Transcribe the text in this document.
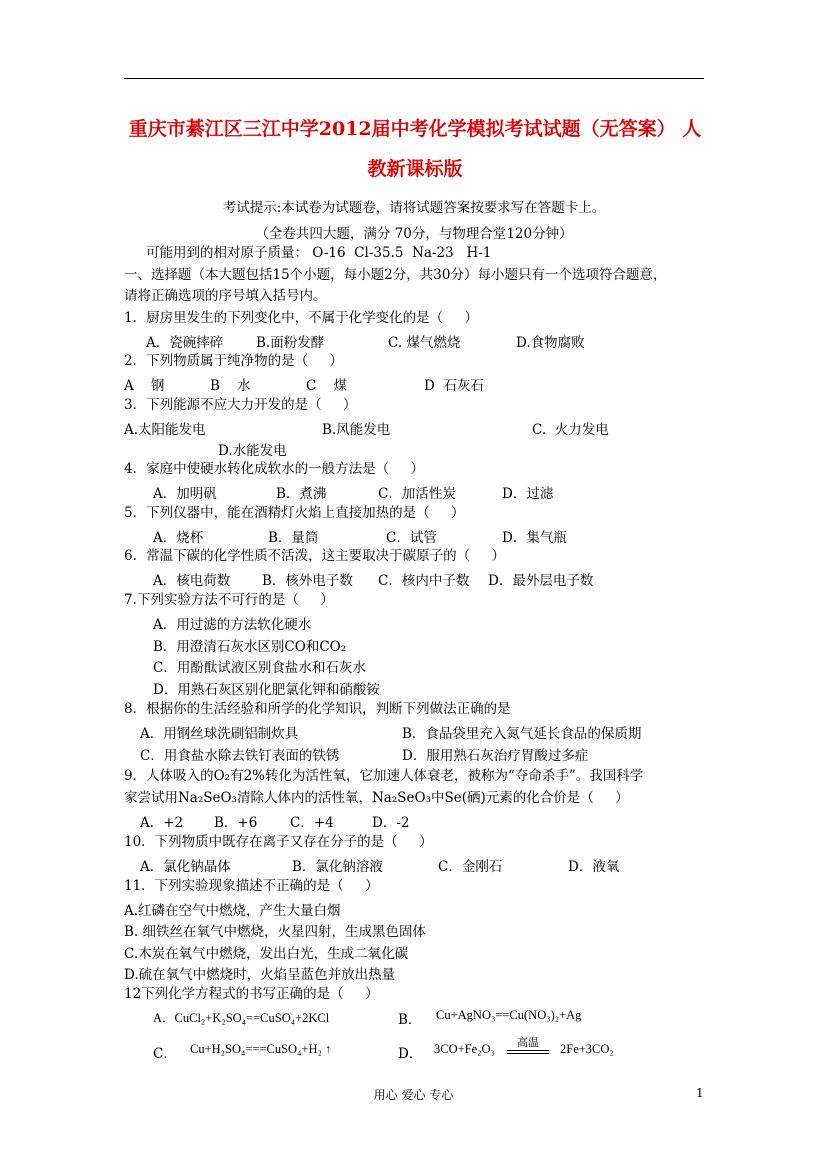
重庆市綦江区三江中学2012届中考化学模拟考试试题（无答案） 人
教新课标版
考试提示:本试卷为试题卷，请将试题答案按要求写在答题卡上。
（全卷共四大题，满分 70分，与物理合堂120分钟）
可能用到的相对原子质量： O-16  Cl-35.5  Na-23   H-1
一、选择题（本大题包括15个小题，每小题2分，共30分）每小题只有一个选项符合题意，
请将正确选项的序号填入括号内。
1．厨房里发生的下列变化中，不属于化学变化的是（     ）
A．瓷碗摔碎 B.面粉发酵	C. 煤气燃烧	D.食物腐败
2．下列物质属于纯净物的是（     ）
A    钢	B    水	C    煤	D  石灰石
3．下列能源不应大力开发的是（     ）
A.太阳能发电	B.风能发电	C.  火力发电
D.水能发电
4．家庭中使硬水转化成软水的一般方法是（     ）
A．加明矾	B．煮沸	C．加活性炭	D．过滤
5．下列仪器中，能在酒精灯火焰上直接加热的是（     ）
A．烧杯	B．量筒	C．试管	D．集气瓶
6．常温下碳的化学性质不活泼，这主要取决于碳原子的（     ）
A．核电荷数 B．核外电子数 C．核内中子数 D．最外层电子数
7.下列实验方法不可行的是（     ）
A．用过滤的方法软化硬水
B．用澄清石灰水区别CO和CO₂
C．用酚酞试液区别食盐水和石灰水
D．用熟石灰区别化肥氯化钾和硝酸铵
8．根据你的生活经验和所学的化学知识，判断下列做法正确的是
A．用钢丝球洗刷铝制炊具	B．食品袋里充入氮气延长食品的保质期
C．用食盐水除去铁钉表面的铁锈	D．服用熟石灰治疗胃酸过多症
9．人体吸入的O₂有2%转化为活性氧，它加速人体衰老，被称为“夺命杀手”。我国科学
家尝试用Na₂SeO₃清除人体内的活性氧，Na₂SeO₃中Se(硒)元素的化合价是（     ）
A．+2 B．+6 C．+4	D．-2
10．下列物质中既存在离子又存在分子的是（     ）
A．氯化钠晶体	B．氯化钠溶液	C．金刚石	D．液氧
11．下列实验现象描述不正确的是（     ）
A.红磷在空气中燃烧，产生大量白烟
B. 细铁丝在氧气中燃烧，火星四射，生成黑色固体
C.木炭在氧气中燃烧，发出白光，生成二氧化碳
D.硫在氧气中燃烧时，火焰呈蓝色并放出热量
12下列化学方程式的书写正确的是（     ）
A．CuCl₂+K₂SO₄==CuSO₄+2KCl	B． Cu+AgNO₃==Cu(NO₃)₂+Ag
C． Cu+H₂SO₄===CuSO₄+H₂ ↑	D． 3CO+Fe₂O₃	高温	2Fe+3CO₂
用心 爱心 专心	1
